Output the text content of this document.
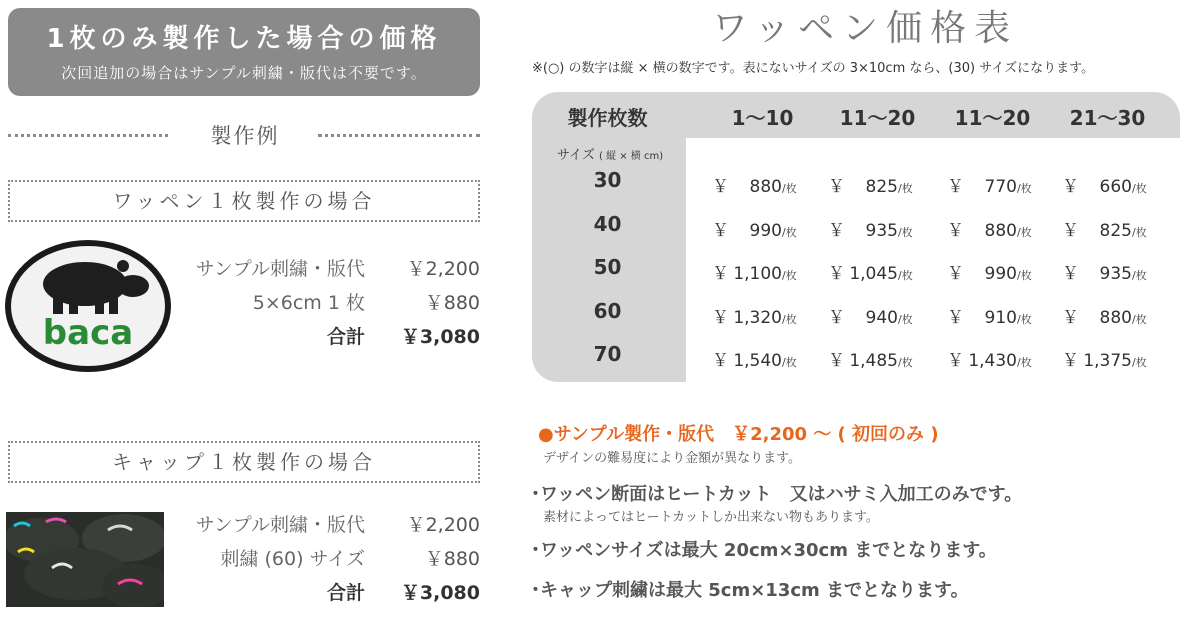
1枚のみ製作した場合の価格
次回追加の場合はサンプル刺繍・版代は不要です。
製作例
ワッペン１枚製作の場合
baca
サンプル刺繍・版代	￥2,200
5×6cm 1 枚	￥880
合計	￥3,080
キャップ１枚製作の場合
サンプル刺繍・版代	￥2,200
刺繍 (60) サイズ	￥880
合計	￥3,080
ワッペン価格表
※(○) の数字は縦 × 横の数字です。表にないサイズの 3×10cm なら、(30) サイズになります。
製作枚数	1～10	11～20	11～20	21～30
サイズ ( 縦 × 横 cm)
30	￥ 880/枚	￥ 825/枚	￥ 770/枚	￥ 660/枚
40	￥ 990/枚	￥ 935/枚	￥ 880/枚	￥ 825/枚
50	￥ 1,100/枚	￥ 1,045/枚	￥ 990/枚	￥ 935/枚
60	￥ 1,320/枚	￥ 940/枚	￥ 910/枚	￥ 880/枚
70	￥ 1,540/枚	￥ 1,485/枚	￥ 1,430/枚	￥ 1,375/枚
●サンプル製作・版代　￥2,200 ～ ( 初回のみ )
デザインの難易度により金額が異なります。
･ワッペン断面はヒートカット　又はハサミ入加工のみです。
素材によってはヒートカットしか出来ない物もあります。
･ワッペンサイズは最大 20cm×30cm までとなります。
･キャップ刺繍は最大 5cm×13cm までとなります。
